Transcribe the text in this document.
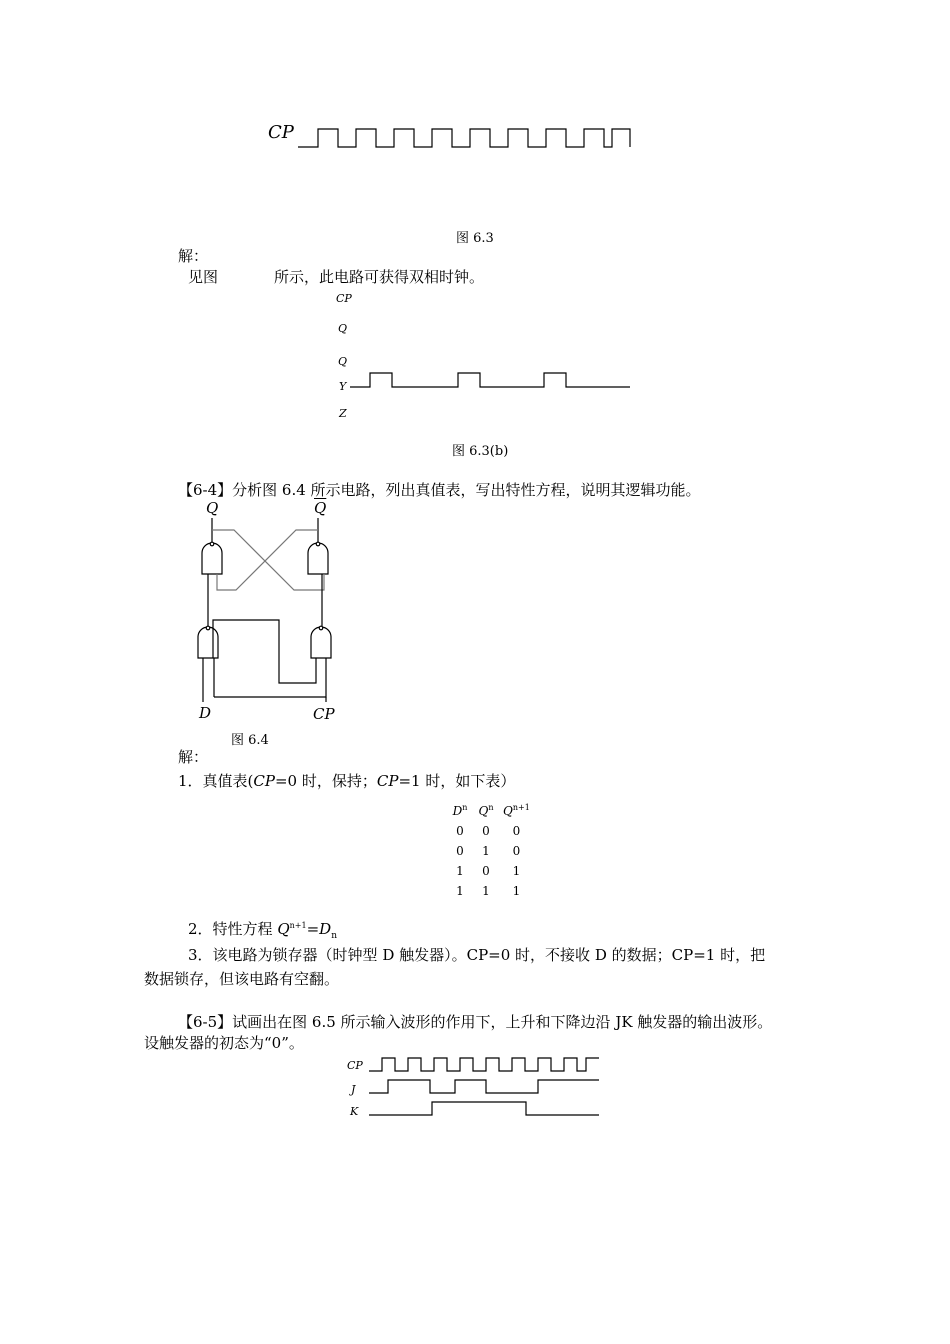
CP
图 6.3
解：
见图	所示，此电路可获得双相时钟。
CP
Q
Q
Y
Z
图 6.3(b)
【6-4】分析图 6.4 所示电路，列出真值表，写出特性方程，说明其逻辑功能。
Q	$\overline{Q}$
D	CP
图 6.4
解：
1．真值表(CP=0 时，保持；CP=1 时，如下表）
$D^n$	$Q^n$	$Q^{n+1}$
0	0	0
0	1	0
1	0	1
1	1	1
2．特性方程 $Q^{n+1}=D_n$
3．该电路为锁存器（时钟型 D 触发器）。CP=0 时，不接收 D 的数据；CP=1 时，把
数据锁存，但该电路有空翻。
【6-5】试画出在图 6.5 所示输入波形的作用下，上升和下降边沿 JK 触发器的输出波形。
设触发器的初态为“0”。
CP
J
K
